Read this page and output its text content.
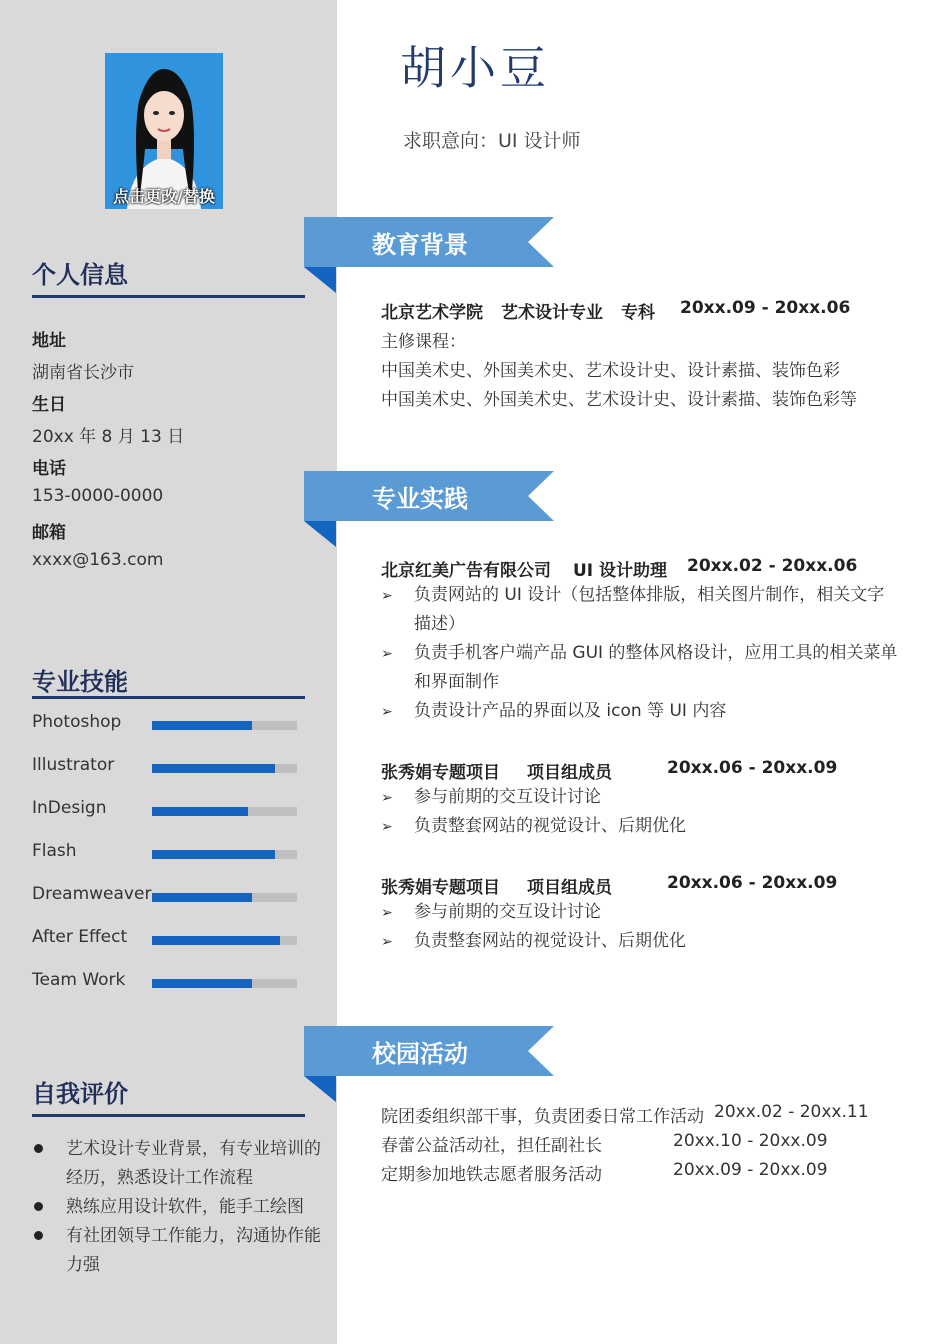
点击更改/替换
个人信息
地址
湖南省长沙市
生日
20xx 年 8 月 13 日
电话
153-0000-0000
邮箱
xxxx@163.com
专业技能
Photoshop
Illustrator
InDesign
Flash
Dreamweaver
After Effect
Team Work
自我评价
艺术设计专业背景，有专业培训的经历，熟悉设计工作流程
熟练应用设计软件，能手工绘图
有社团领导工作能力，沟通协作能力强
胡小豆
求职意向：UI 设计师
教育背景
北京艺术学院 艺术设计专业 专科 20xx.09 - 20xx.06
主修课程：
中国美术史、外国美术史、艺术设计史、设计素描、装饰色彩
中国美术史、外国美术史、艺术设计史、设计素描、装饰色彩等
专业实践
北京红美广告有限公司 UI 设计助理 20xx.02 - 20xx.06
➢ 负责网站的 UI 设计（包括整体排版，相关图片制作，相关文字描述）
➢ 负责手机客户端产品 GUI 的整体风格设计，应用工具的相关菜单和界面制作
➢ 负责设计产品的界面以及 icon 等 UI 内容
张秀娟专题项目 项目组成员	20xx.06 - 20xx.09
➢ 参与前期的交互设计讨论
➢ 负责整套网站的视觉设计、后期优化
张秀娟专题项目 项目组成员	20xx.06 - 20xx.09
➢ 参与前期的交互设计讨论
➢ 负责整套网站的视觉设计、后期优化
校园活动
院团委组织部干事，负责团委日常工作活动 20xx.02 - 20xx.11
春蕾公益活动社，担任副社长	20xx.10 - 20xx.09
定期参加地铁志愿者服务活动	20xx.09 - 20xx.09
